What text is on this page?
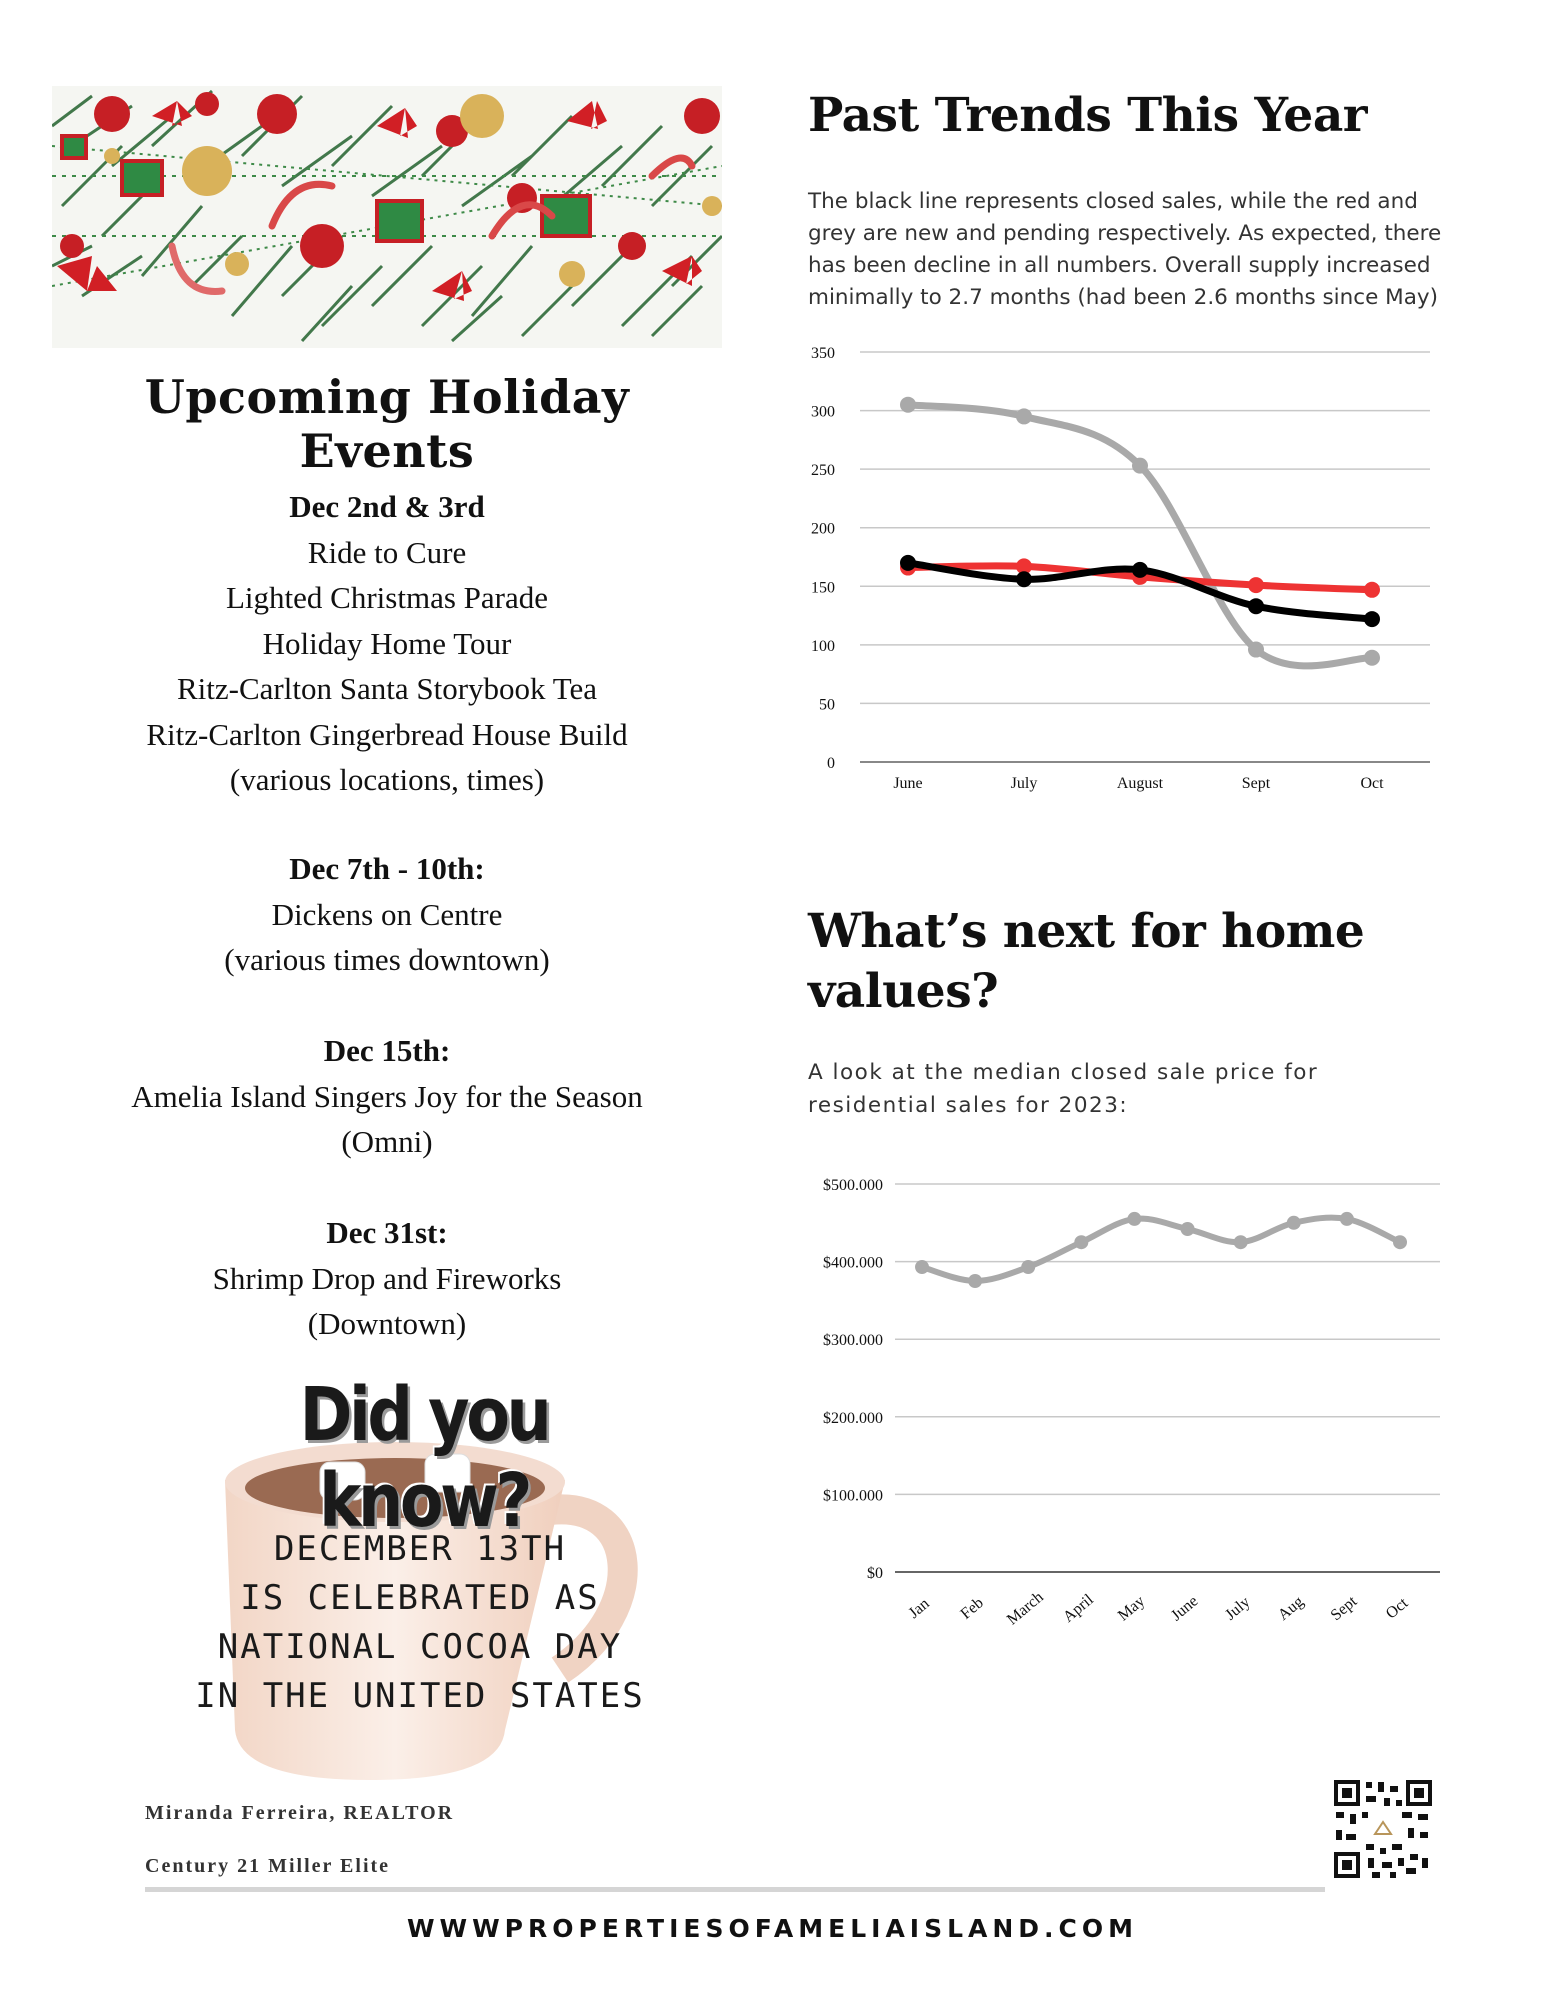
Upcoming Holiday Events
Dec 2nd & 3rd
Ride to Cure
Lighted Christmas Parade
Holiday Home Tour
Ritz-Carlton Santa Storybook Tea
Ritz-Carlton Gingerbread House Build
(various locations, times)
Dec 7th - 10th:
Dickens on Centre
(various times downtown)
Dec 15th:
Amelia Island Singers Joy for the Season
(Omni)
Dec 31st:
Shrimp Drop and Fireworks
(Downtown)
Did you know?
DECEMBER 13TH
IS CELEBRATED AS
NATIONAL COCOA DAY
IN THE UNITED STATES
Miranda Ferreira, REALTOR
Century 21 Miller Elite
WWWPROPERTIESOFAMELIAISLAND.COM
Past Trends This Year
The black line represents closed sales, while the red and grey are new and pending respectively. As expected, there has been decline in all numbers. Overall supply increased minimally to 2.7 months (had been 2.6 months since May)
0
50
100
150
200
250
300
350
June	July	August	Sept	Oct
What’s next for home values?
A look at the median closed sale price for residential sales for 2023:
$0
$100.000
$200.000
$300.000
$400.000
$500.000
Jan Feb March April May June July Aug Sept Oct
